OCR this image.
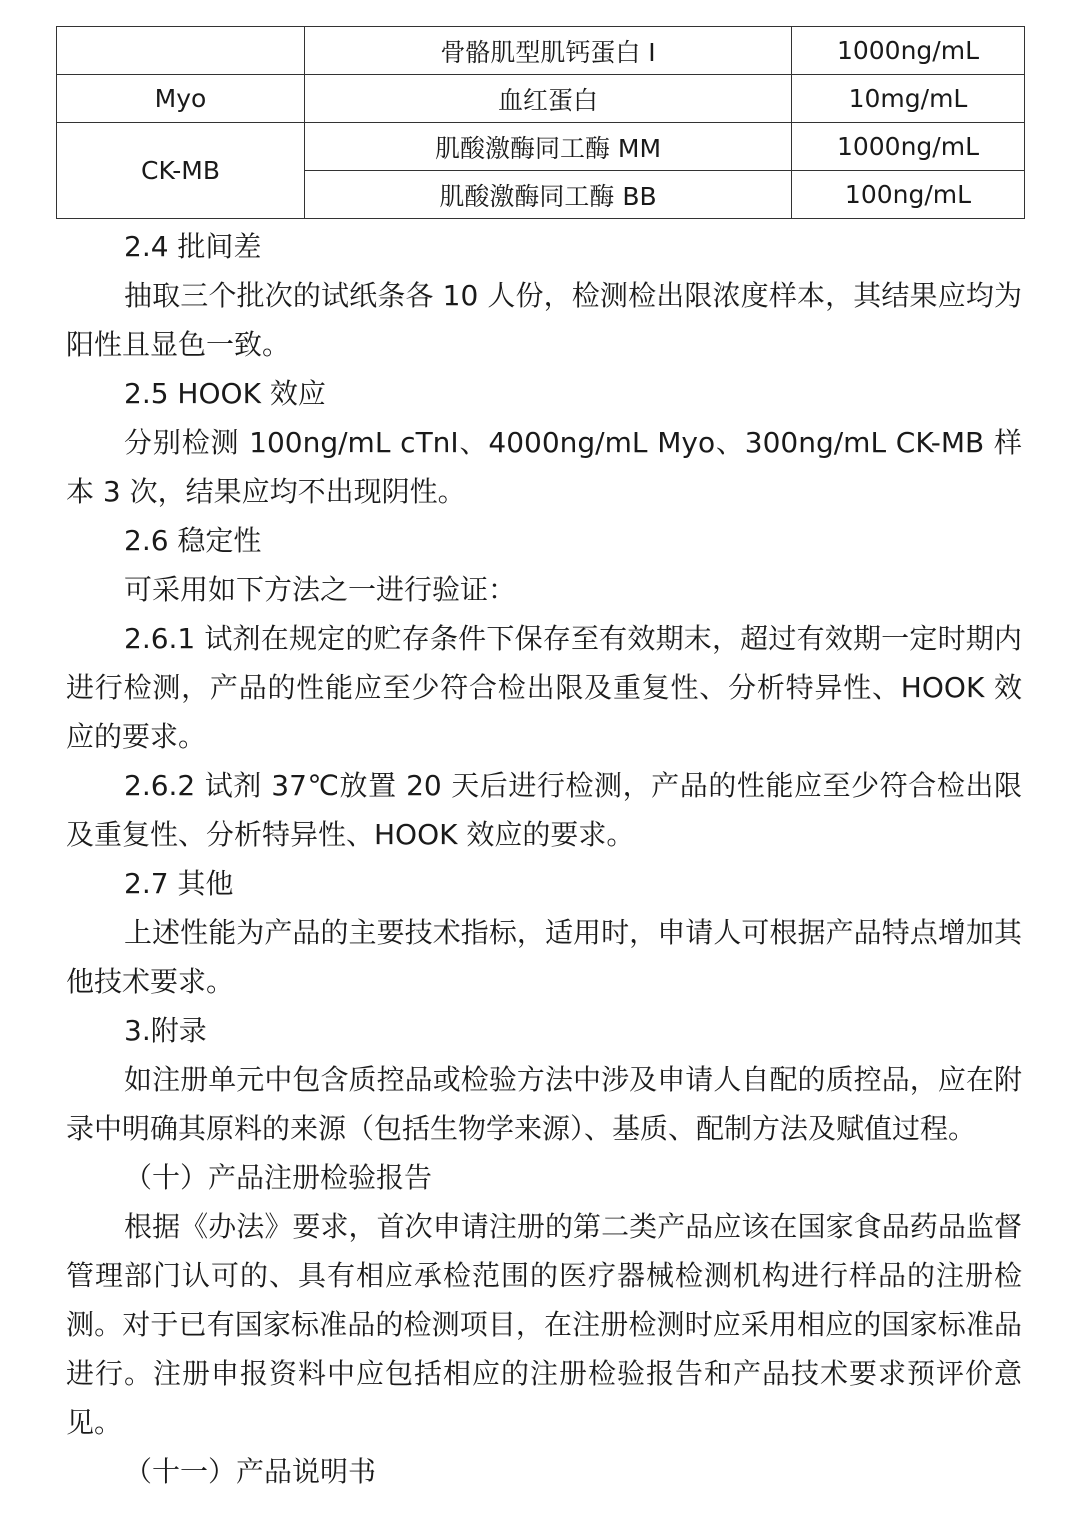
	骨骼肌型肌钙蛋白 I	1000ng/mL
Myo	血红蛋白	10mg/mL
CK-MB	肌酸激酶同工酶 MM	1000ng/mL
	肌酸激酶同工酶 BB	100ng/mL
2.4 批间差
抽取三个批次的试纸条各 10 人份，检测检出限浓度样本，其结果应均为阳性且显色一致。
2.5 HOOK 效应
分别检测 100ng/mL cTnI、4000ng/mL Myo、300ng/mL CK-MB 样本 3 次，结果应均不出现阴性。
2.6 稳定性
可采用如下方法之一进行验证：
2.6.1 试剂在规定的贮存条件下保存至有效期末，超过有效期一定时期内进行检测，产品的性能应至少符合检出限及重复性、分析特异性、HOOK 效应的要求。
2.6.2 试剂 37℃放置 20 天后进行检测，产品的性能应至少符合检出限及重复性、分析特异性、HOOK 效应的要求。
2.7 其他
上述性能为产品的主要技术指标，适用时，申请人可根据产品特点增加其他技术要求。
3.附录
如注册单元中包含质控品或检验方法中涉及申请人自配的质控品，应在附录中明确其原料的来源（包括生物学来源）、基质、配制方法及赋值过程。
（十）产品注册检验报告
根据《办法》要求，首次申请注册的第二类产品应该在国家食品药品监督管理部门认可的、具有相应承检范围的医疗器械检测机构进行样品的注册检测。对于已有国家标准品的检测项目，在注册检测时应采用相应的国家标准品进行。注册申报资料中应包括相应的注册检验报告和产品技术要求预评价意见。
（十一）产品说明书
